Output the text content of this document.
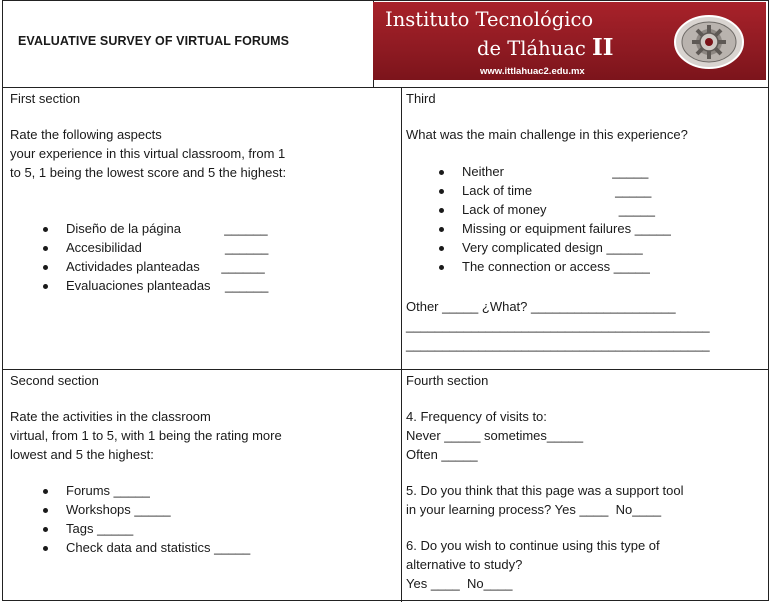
EVALUATIVE SURVEY OF VIRTUAL FORUMS
Instituto Tecnológico
de Tláhuac II
www.ittlahuac2.edu.mx

First section

Rate the following aspects

your experience in this virtual classroom, from 1

to 5, 1 being the lowest score and 5 the highest:

Diseño de la página            ______
Accesibilidad                       ______
Actividades planteadas      ______
Evaluaciones planteadas    ______

Third

What was the main challenge in this experience?

Neither                              _____
Lack of time                       _____
Lack of money                    _____
Missing or equipment failures _____
Very complicated design _____
The connection or access _____

Other _____ ¿What? ____________________

__________________________________________

__________________________________________

Second section

Rate the activities in the classroom

virtual, from 1 to 5, with 1 being the rating more

lowest and 5 the highest:

Forums _____
Workshops _____
Tags _____
Check data and statistics _____

Fourth section

4. Frequency of visits to:

Never _____ sometimes_____

Often _____

5. Do you think that this page was a support tool

in your learning process? Yes ____  No____

6. Do you wish to continue using this type of

alternative to study?

Yes ____  No____
